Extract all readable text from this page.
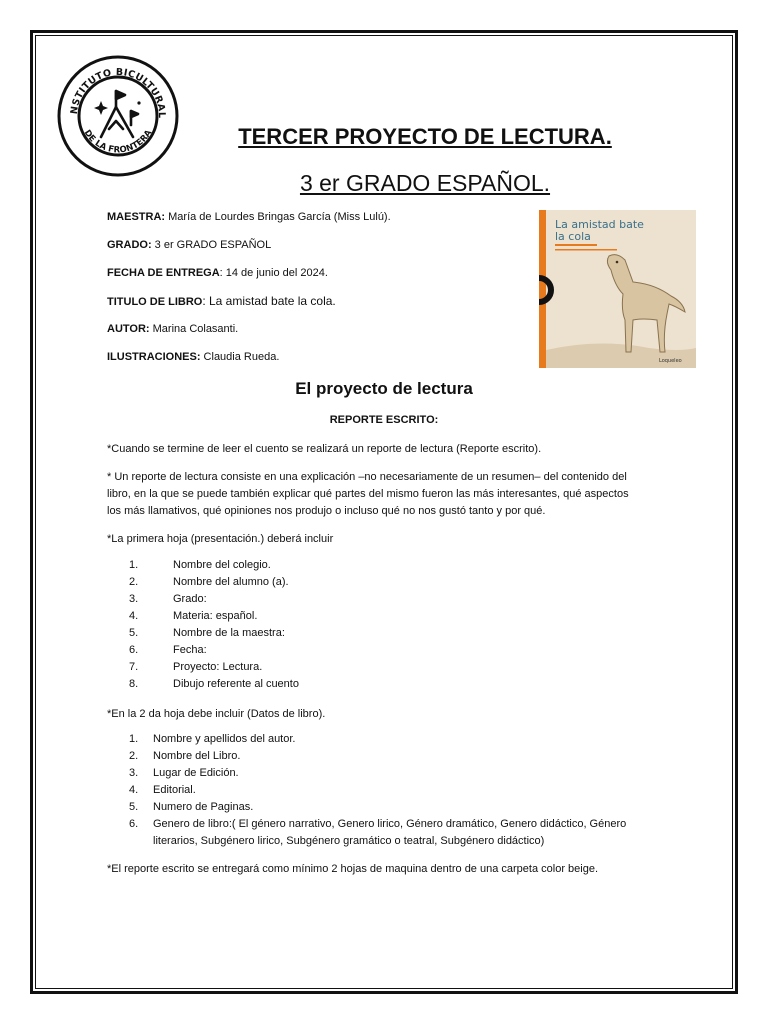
NSTITUTO BICULTURAL
DE LA FRONTERA	TERCER PROYECTO DE LECTURA.
3 er GRADO ESPAÑOL.
MAESTRA: María de Lourdes Bringas García (Miss Lulú).
GRADO: 3 er GRADO ESPAÑOL
FECHA DE ENTREGA: 14 de junio del 2024.
TITULO DE LIBRO: La amistad bate la cola.
AUTOR: Marina Colasanti.
ILUSTRACIONES: Claudia Rueda.
La amistad bate
la cola
Loqueleo
El proyecto de lectura
REPORTE ESCRITO:

*Cuando se termine de leer el cuento se realizará un reporte de lectura (Reporte escrito).

* Un reporte de lectura consiste en una explicación –no necesariamente de un resumen– del contenido del
libro, en la que se puede también explicar qué partes del mismo fueron las más interesantes, qué aspectos
los más llamativos, qué opiniones nos produjo o incluso qué no nos gustó tanto y por qué.

*La primera hoja (presentación.) deberá incluir

1.	Nombre del colegio.
2.	Nombre del alumno (a).
3.	Grado:
4.	Materia: español.
5.	Nombre de la maestra:
6.	Fecha:
7.	Proyecto: Lectura.
8.	Dibujo referente al cuento

*En la 2 da hoja debe incluir (Datos de libro).

1.	Nombre y apellidos del autor.
2.	Nombre del Libro.
3.	Lugar de Edición.
4.	Editorial.
5.	Numero de Paginas.
6.	Genero de libro:( El género narrativo, Genero lirico, Género dramático, Genero didáctico, Género literarios, Subgénero lirico, Subgénero gramático o teatral, Subgénero didáctico)

*El reporte escrito se entregará como mínimo 2 hojas de maquina dentro de una carpeta color beige.
